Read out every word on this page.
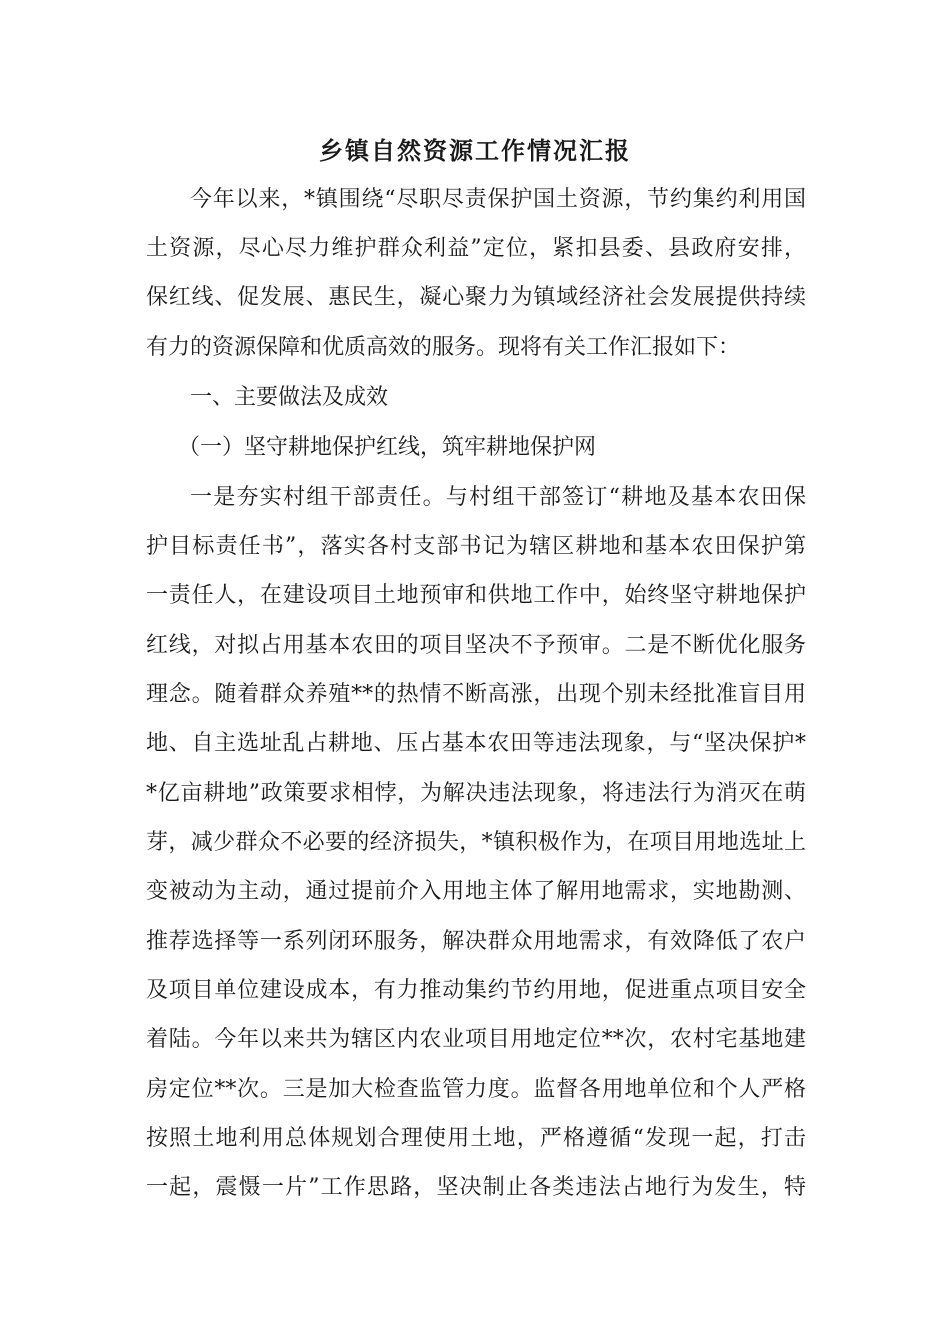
乡镇自然资源工作情况汇报
今年以来，*镇围绕“尽职尽责保护国土资源，节约集约利用国
土资源，尽心尽力维护群众利益”定位，紧扣县委、县政府安排，
保红线、促发展、惠民生，凝心聚力为镇域经济社会发展提供持续
有力的资源保障和优质高效的服务。现将有关工作汇报如下：
一、主要做法及成效
（一）坚守耕地保护红线，筑牢耕地保护网
一是夯实村组干部责任。与村组干部签订“耕地及基本农田保
护目标责任书”，落实各村支部书记为辖区耕地和基本农田保护第
一责任人，在建设项目土地预审和供地工作中，始终坚守耕地保护
红线，对拟占用基本农田的项目坚决不予预审。二是不断优化服务
理念。随着群众养殖**的热情不断高涨，出现个别未经批准盲目用
地、自主选址乱占耕地、压占基本农田等违法现象，与“坚决保护*
*亿亩耕地”政策要求相悖，为解决违法现象，将违法行为消灭在萌
芽，减少群众不必要的经济损失，*镇积极作为，在项目用地选址上
变被动为主动，通过提前介入用地主体了解用地需求，实地勘测、
推荐选择等一系列闭环服务，解决群众用地需求，有效降低了农户
及项目单位建设成本，有力推动集约节约用地，促进重点项目安全
着陆。今年以来共为辖区内农业项目用地定位**次，农村宅基地建
房定位**次。三是加大检查监管力度。监督各用地单位和个人严格
按照土地利用总体规划合理使用土地，严格遵循“发现一起，打击
一起，震慑一片”工作思路，坚决制止各类违法占地行为发生，特
